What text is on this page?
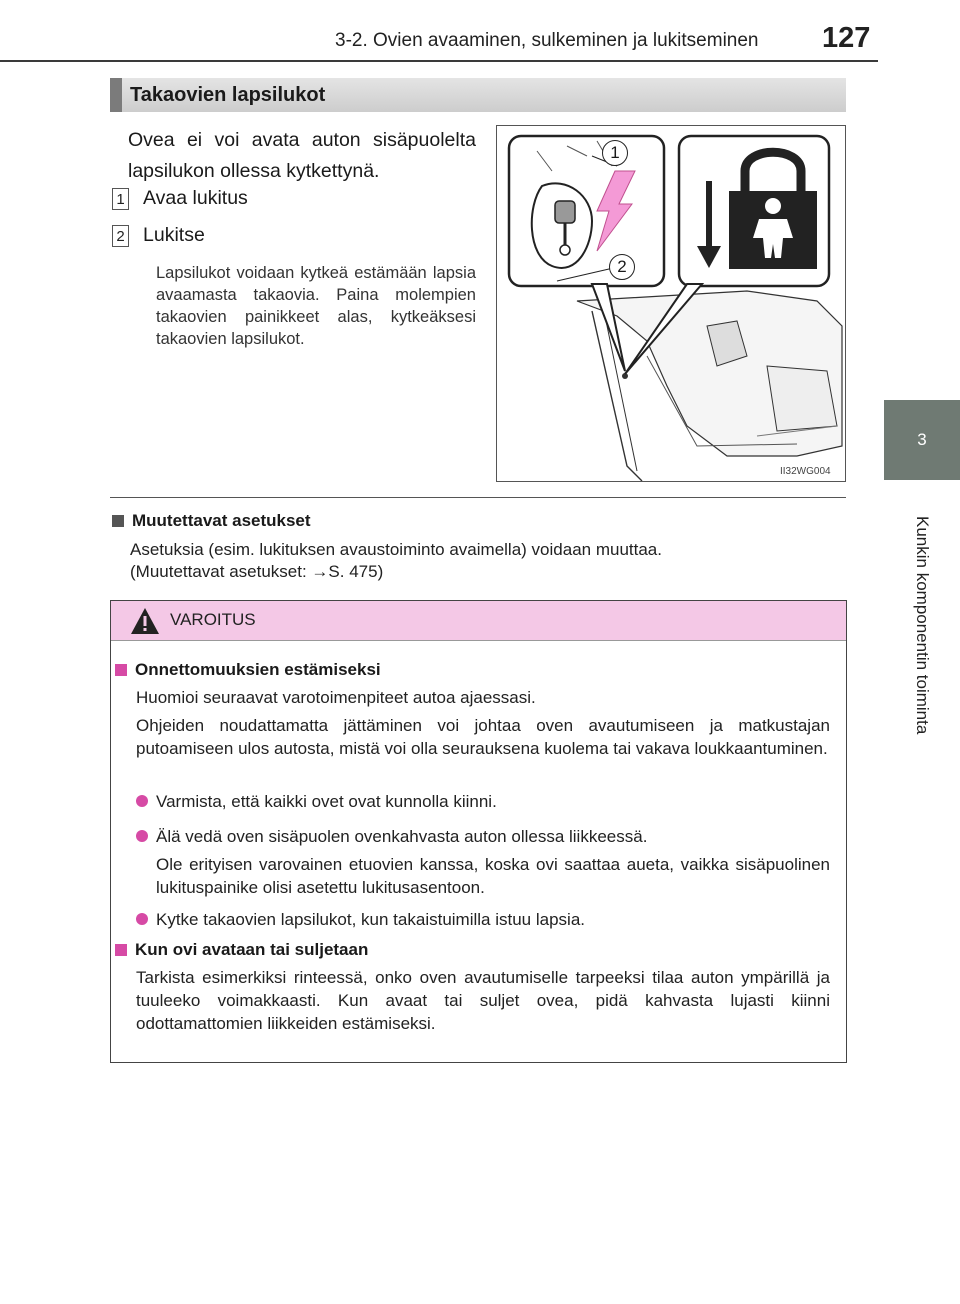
3-2. Ovien avaaminen, sulkeminen ja lukitseminen 127
3
Kunkin komponentin toiminta
Takaovien lapsilukot
Ovea ei voi avata auton sisäpuolelta lapsilukon ollessa kytkettynä.
1 Avaa lukitus
2 Lukitse
Lapsilukot voidaan kytkeä estämään lapsia avaamasta takaovia. Paina molempien takaovien painikkeet alas, kytkeäksesi takaovien lapsilukot.
1
2
II32WG004
Muutettavat asetukset
Asetuksia (esim. lukituksen avaustoiminto avaimella) voidaan muuttaa.
(Muutettavat asetukset: →S. 475)
VAROITUS
Onnettomuuksien estämiseksi
Huomioi seuraavat varotoimenpiteet autoa ajaessasi.
Ohjeiden noudattamatta jättäminen voi johtaa oven avautumiseen ja matkustajan putoamiseen ulos autosta, mistä voi olla seurauksena kuolema tai vakava loukkaantuminen.
Varmista, että kaikki ovet ovat kunnolla kiinni.
Älä vedä oven sisäpuolen ovenkahvasta auton ollessa liikkeessä.
Ole erityisen varovainen etuovien kanssa, koska ovi saattaa aueta, vaikka sisäpuolinen lukituspainike olisi asetettu lukitusasentoon.
Kytke takaovien lapsilukot, kun takaistuimilla istuu lapsia.
Kun ovi avataan tai suljetaan
Tarkista esimerkiksi rinteessä, onko oven avautumiselle tarpeeksi tilaa auton ympärillä ja tuuleeko voimakkaasti. Kun avaat tai suljet ovea, pidä kahvasta lujasti kiinni odottamattomien liikkeiden estämiseksi.
